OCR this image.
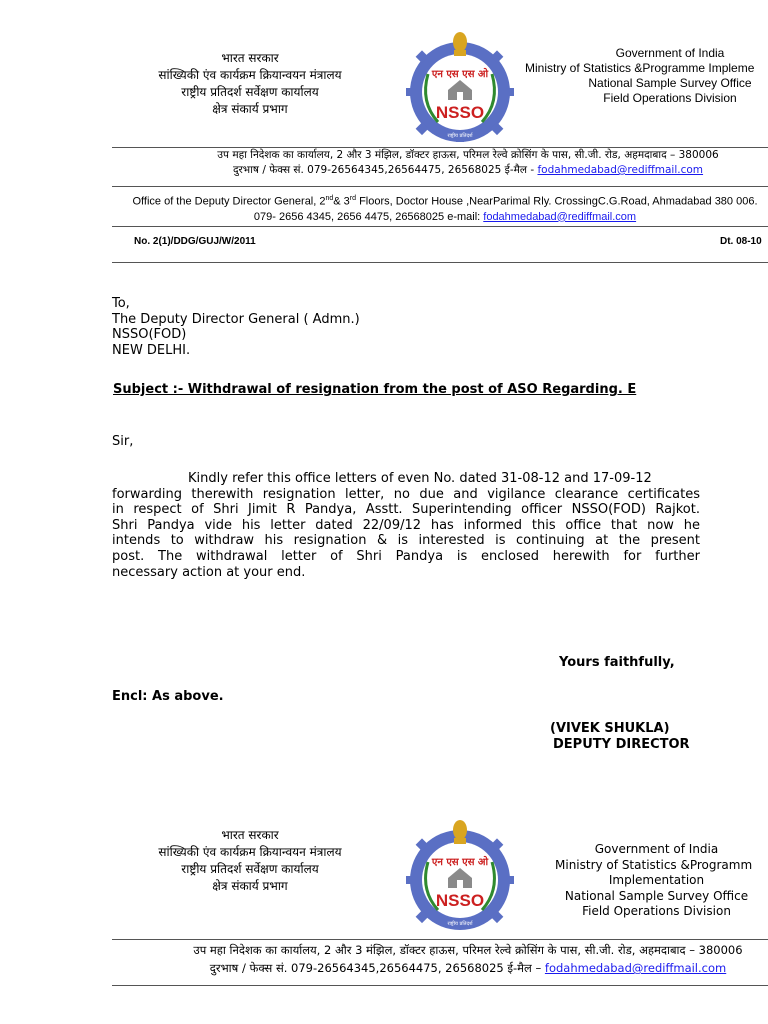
भारत सरकार
सांख्यिकी एंव कार्यक्रम क्रियान्वयन मंत्रालय
राष्ट्रीय प्रतिदर्श सर्वेक्षण कार्यालय
क्षेत्र संकार्य प्रभाग
एन एस एस ओ
NSSO
राष्ट्रीय प्रतिदर्श
Government of India
Ministry of Statistics &Programme Impleme
National Sample Survey Office
Field Operations Division
उप महा निदेशक का कार्यालय, 2 और 3 मंझिल, डॉक्टर हाऊस, परिमल रेल्वे क्रोसिंग के पास, सी.जी. रोड, अहमदाबाद – 380006
दुरभाष / फेक्स सं. 079-26564345,26564475, 26568025 ई-मैल - fodahmedabad@rediffmail.com
Office of the Deputy Director General, 2nd& 3rd Floors, Doctor House ,NearParimal Rly. CrossingC.G.Road, Ahmadabad 380 006.
079- 2656 4345, 2656 4475, 26568025 e-mail: fodahmedabad@rediffmail.com
No. 2(1)/DDG/GUJ/W/2011	Dt. 08-10
To,
The Deputy Director General ( Admn.)
NSSO(FOD)
NEW DELHI.
Subject :- Withdrawal of resignation from the post of ASO Regarding. E
Sir,
Kindly refer this office letters of even No. dated 31-08-12 and 17-09-12
forwarding therewith resignation letter, no due and vigilance clearance certificates
in respect of Shri Jimit R Pandya, Asstt. Superintending officer NSSO(FOD) Rajkot.
Shri Pandya vide his letter dated 22/09/12 has informed this office that now he
intends to withdraw his resignation & is interested is continuing at the present
post. The withdrawal letter of Shri Pandya is enclosed herewith for further
necessary action at your end.
Yours faithfully,
Encl: As above.
(VIVEK SHUKLA)
DEPUTY DIRECTOR
भारत सरकार
सांख्यिकी एंव कार्यक्रम क्रियान्वयन मंत्रालय
राष्ट्रीय प्रतिदर्श सर्वेक्षण कार्यालय
क्षेत्र संकार्य प्रभाग
एन एस एस ओ
NSSO
राष्ट्रीय प्रतिदर्श
Government of India
Ministry of Statistics &Programm
Implementation
National Sample Survey Office
Field Operations Division
उप महा निदेशक का कार्यालय, 2 और 3 मंझिल, डॉक्टर हाऊस, परिमल रेल्वे क्रोसिंग के पास, सी.जी. रोड, अहमदाबाद – 380006
दुरभाष / फेक्स सं. 079-26564345,26564475, 26568025 ई-मैल – fodahmedabad@rediffmail.com
